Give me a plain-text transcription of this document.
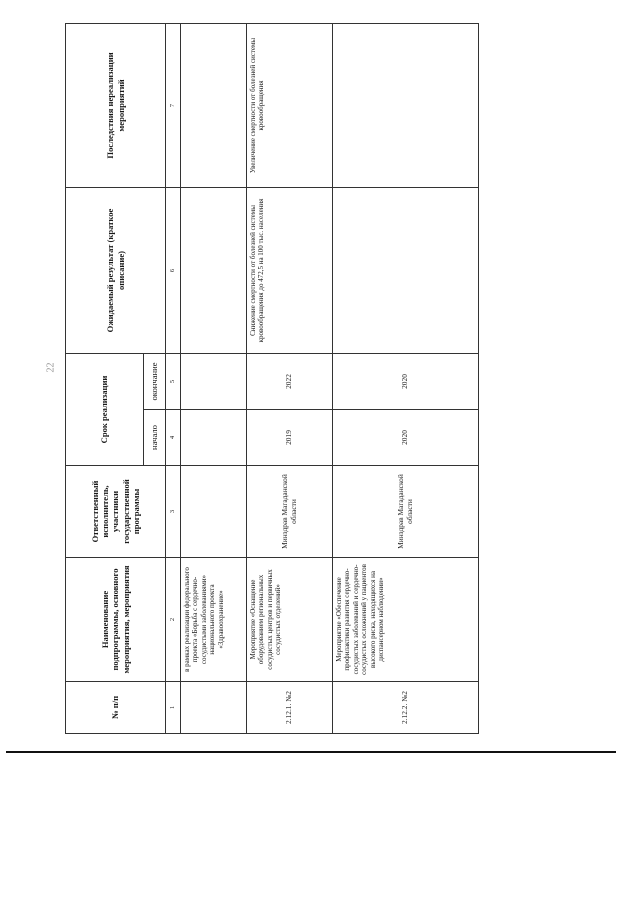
22
№ п/п	Наименование подпрограммы, основного мероприятия, мероприятия	Ответственный исполнитель, участники государственной программы	Срок реализации		Ожидаемый результат (краткое описание)	Последствия нереализации мероприятий
			начало	окончание		
1	2	3	4	5	6	7
	в рамках реализации федерального проекта «Борьба с сердечно-сосудистыми заболеваниями» национального проекта «Здравоохранение»					
2.12.1. №2	Мероприятие «Оснащение оборудованием региональных сосудистых центров и первичных сосудистых отделений»	Минздрав Магаданской области	2019	2022	Снижение смертности от болезней системы кровообращения до 472,5 на 100 тыс. населения	Увеличение смертности от болезней системы кровообращения
2.12.2. №2	Мероприятие «Обеспечение профилактики развития сердечно-сосудистых заболеваний и сердечно-сосудистых осложнений у пациентов высокого риска, находящихся на диспансерном наблюдении»	Минздрав Магаданской области	2020	2020		
